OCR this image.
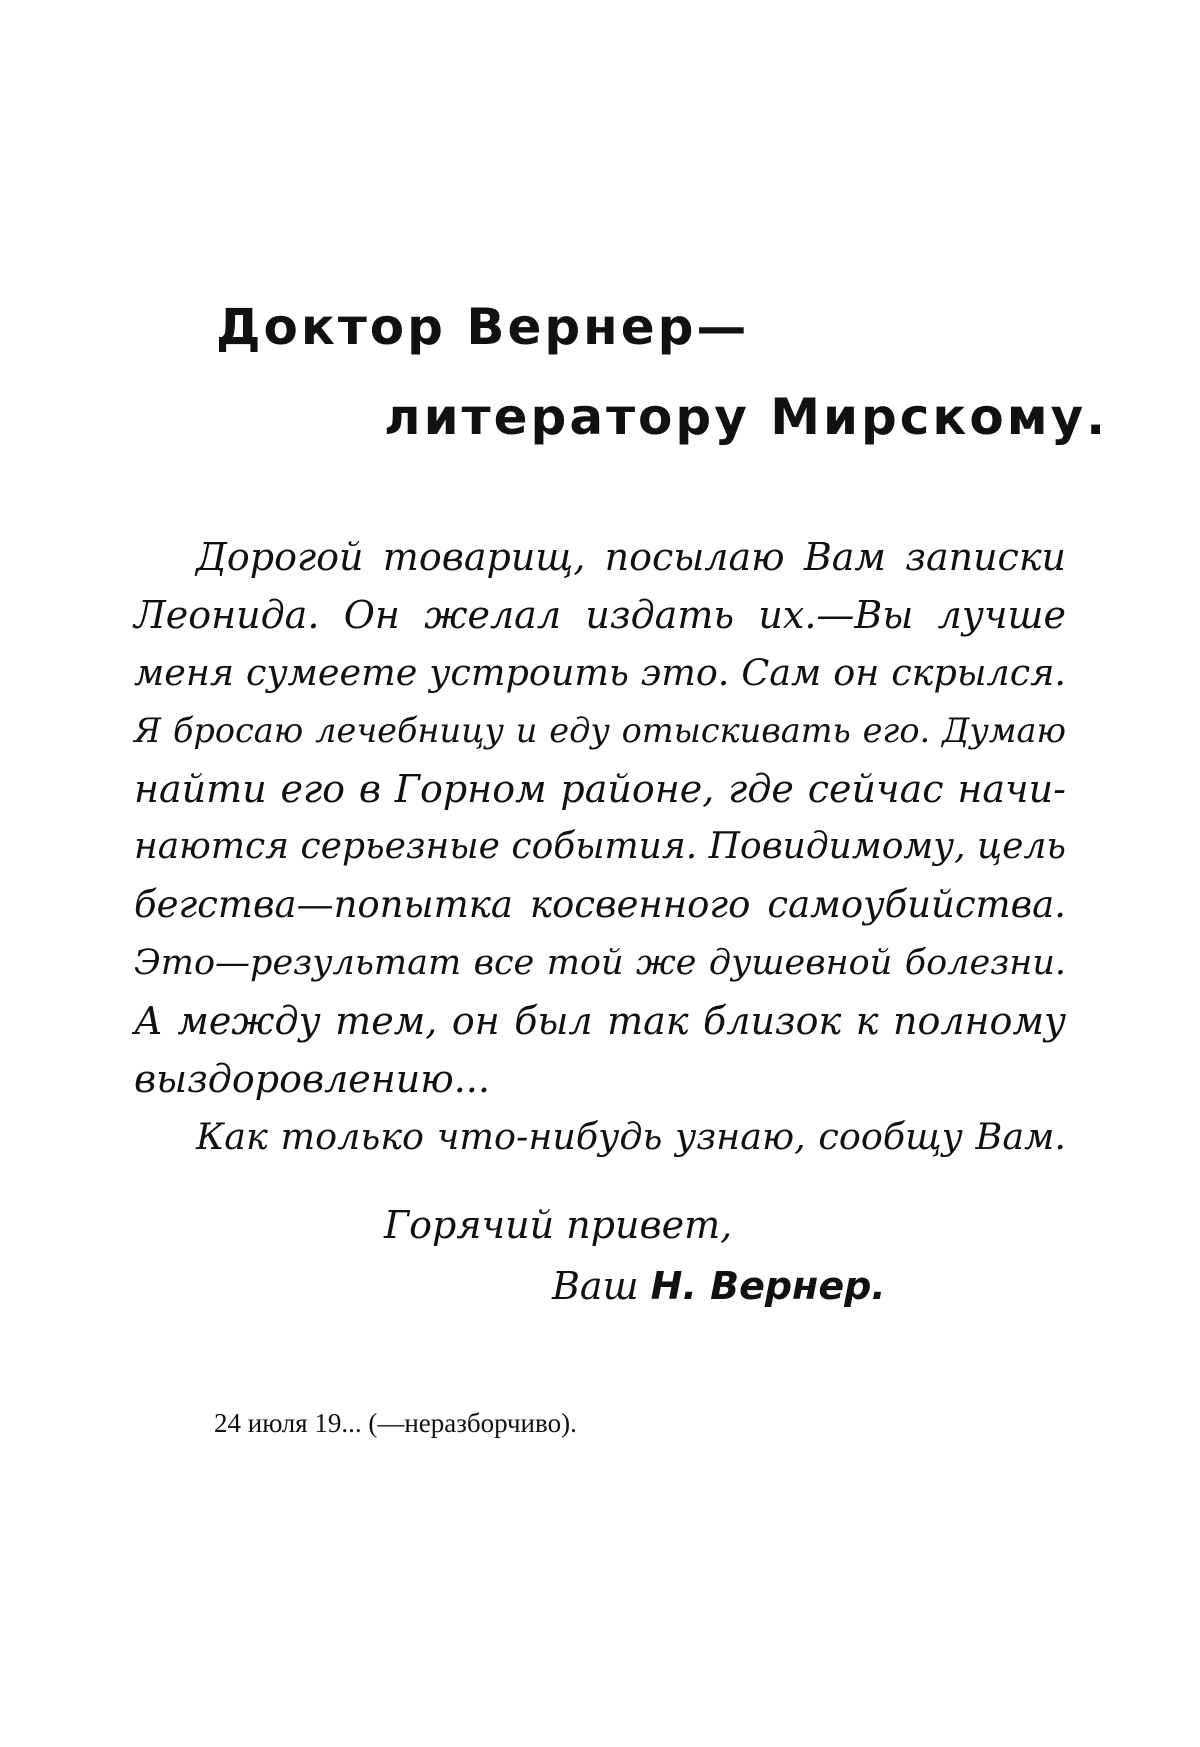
Доктор Вернер—
литератору Мирскому.
Дорогой товарищ, посылаю Вам записки
Леонида. Он желал издать их.—Вы лучше
меня сумеете устроить это. Сам он скрылся.
Я бросаю лечебницу и еду отыскивать его. Думаю
найти его в Горном районе, где сейчас начи-
наются серьезные события. Повидимому, цель
бегства—попытка косвенного самоубийства.
Это—результат все той же душевной болезни.
А между тем, он был так близок к полному
выздоровлению...
Как только что-нибудь узнаю, сообщу Вам.
Горячий привет,
Ваш Н. Вернер.
24 июля 19... (—неразборчиво).
